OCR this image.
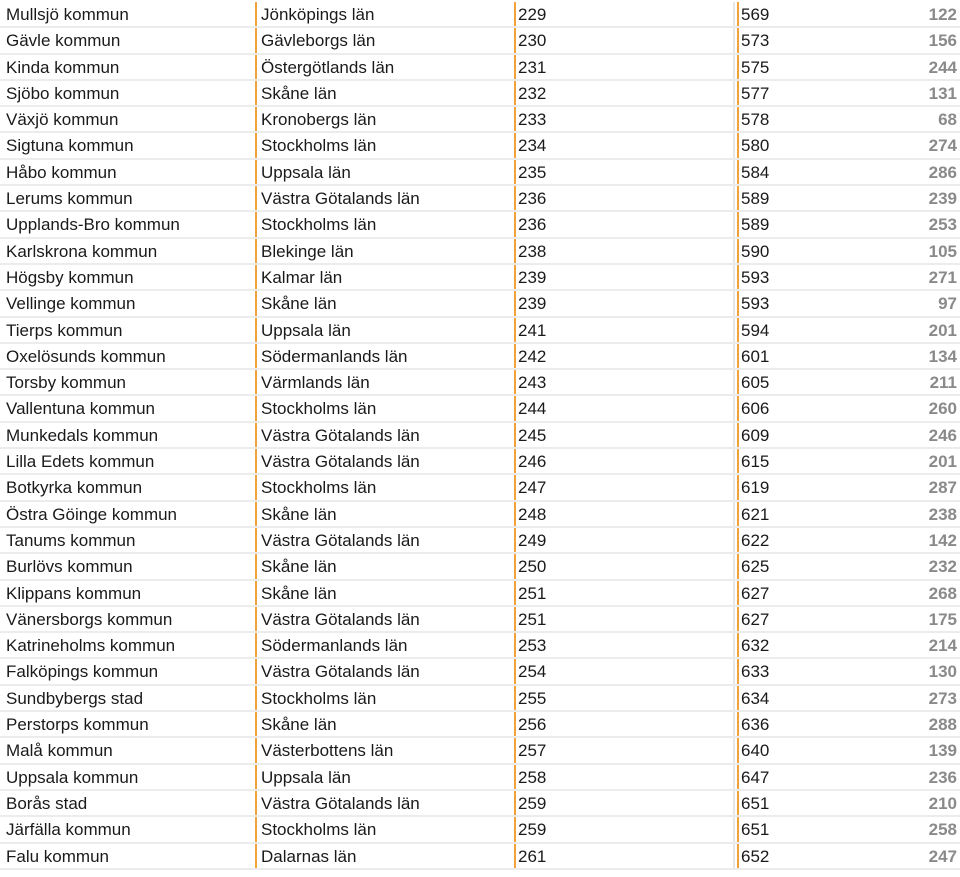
Mullsjö kommun	Jönköpings län	229	569	122
Gävle kommun	Gävleborgs län	230	573	156
Kinda kommun	Östergötlands län	231	575	244
Sjöbo kommun	Skåne län	232	577	131
Växjö kommun	Kronobergs län	233	578	68
Sigtuna kommun	Stockholms län	234	580	274
Håbo kommun	Uppsala län	235	584	286
Lerums kommun	Västra Götalands län	236	589	239
Upplands-Bro kommun	Stockholms län	236	589	253
Karlskrona kommun	Blekinge län	238	590	105
Högsby kommun	Kalmar län	239	593	271
Vellinge kommun	Skåne län	239	593	97
Tierps kommun	Uppsala län	241	594	201
Oxelösunds kommun	Södermanlands län	242	601	134
Torsby kommun	Värmlands län	243	605	211
Vallentuna kommun	Stockholms län	244	606	260
Munkedals kommun	Västra Götalands län	245	609	246
Lilla Edets kommun	Västra Götalands län	246	615	201
Botkyrka kommun	Stockholms län	247	619	287
Östra Göinge kommun	Skåne län	248	621	238
Tanums kommun	Västra Götalands län	249	622	142
Burlövs kommun	Skåne län	250	625	232
Klippans kommun	Skåne län	251	627	268
Vänersborgs kommun	Västra Götalands län	251	627	175
Katrineholms kommun	Södermanlands län	253	632	214
Falköpings kommun	Västra Götalands län	254	633	130
Sundbybergs stad	Stockholms län	255	634	273
Perstorps kommun	Skåne län	256	636	288
Malå kommun	Västerbottens län	257	640	139
Uppsala kommun	Uppsala län	258	647	236
Borås stad	Västra Götalands län	259	651	210
Järfälla kommun	Stockholms län	259	651	258
Falu kommun	Dalarnas län	261	652	247
